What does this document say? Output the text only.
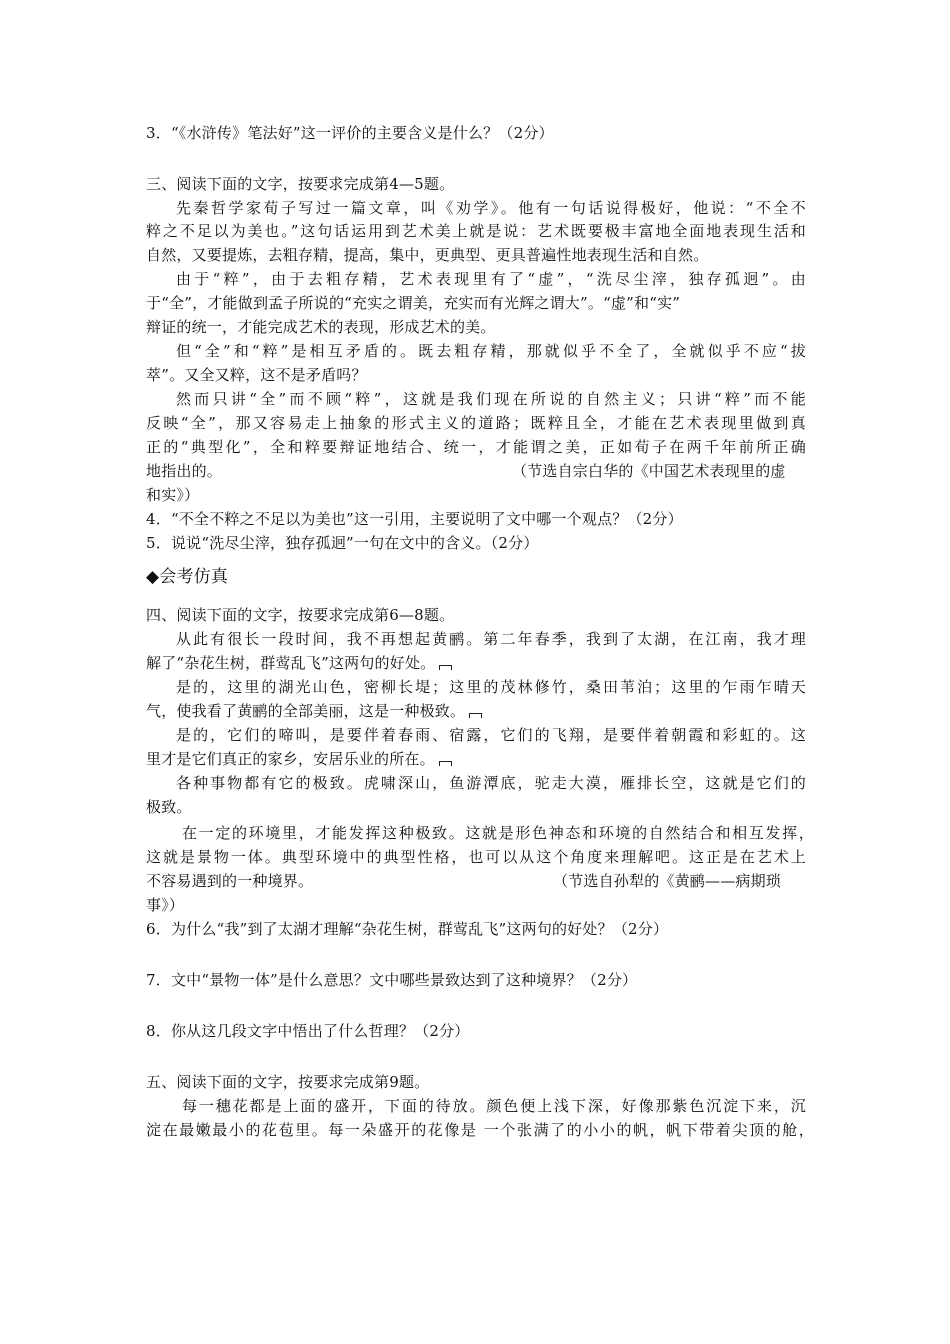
3．“《水浒传》笔法好”这一评价的主要含义是什么？（2分）
三、阅读下面的文字，按要求完成第4—5题。
先秦哲学家荀子写过一篇文章，叫《劝学》。他有一句话说得极好，他说：“不全不
粹之不足以为美也。”这句话运用到艺术美上就是说：艺术既要极丰富地全面地表现生活和
自然，又要提炼，去粗存精，提高，集中，更典型、更具普遍性地表现生活和自然。
由于“粹”，由于去粗存精，艺术表现里有了“虚”，“洗尽尘滓，独存孤迥”。由
于“全”，才能做到孟子所说的“充实之谓美，充实而有光辉之谓大”。“虚”和“实”
辩证的统一，才能完成艺术的表现，形成艺术的美。
但“全”和“粹”是相互矛盾的。既去粗存精，那就似乎不全了，全就似乎不应“拔
萃”。又全又粹，这不是矛盾吗？
然而只讲“全”而不顾“粹”，这就是我们现在所说的自然主义；只讲“粹”而不能
反映“全”，那又容易走上抽象的形式主义的道路；既粹且全，才能在艺术表现里做到真
正的“典型化”，全和粹要辩证地结合、统一，才能谓之美，正如荀子在两千年前所正确
地指出的。	（节选自宗白华的《中国艺术表现里的虚
和实》）
4．“不全不粹之不足以为美也”这一引用，主要说明了文中哪一个观点？（2分）
5．说说“洗尽尘滓，独存孤迥”一句在文中的含义。（2分）
◆会考仿真
四、阅读下面的文字，按要求完成第6—8题。
从此有很长一段时间，我不再想起黄鹂。第二年春季，我到了太湖，在江南，我才理
解了“杂花生树，群莺乱飞”这两句的好处。
是的，这里的湖光山色，密柳长堤；这里的茂林修竹，桑田苇泊；这里的乍雨乍晴天
气，使我看了黄鹂的全部美丽，这是一种极致。
是的，它们的啼叫，是要伴着春雨、宿露，它们的飞翔，是要伴着朝霞和彩虹的。这
里才是它们真正的家乡，安居乐业的所在。
各种事物都有它的极致。虎啸深山，鱼游潭底，驼走大漠，雁排长空，这就是它们的
极致。
在一定的环境里，才能发挥这种极致。这就是形色神态和环境的自然结合和相互发挥，
这就是景物一体。典型环境中的典型性格，也可以从这个角度来理解吧。这正是在艺术上
不容易遇到的一种境界。	（节选自孙犁的《黄鹂——病期琐
事》）
6．为什么“我”到了太湖才理解“杂花生树，群莺乱飞”这两句的好处？（2分）
7．文中“景物一体”是什么意思？文中哪些景致达到了这种境界？（2分）
8．你从这几段文字中悟出了什么哲理？（2分）
五、阅读下面的文字，按要求完成第9题。
每一穗花都是上面的盛开，下面的待放。颜色便上浅下深，好像那紫色沉淀下来，沉
淀在最嫩最小的花苞里。每一朵盛开的花像是 一个张满了的小小的帆，帆下带着尖顶的舱，
